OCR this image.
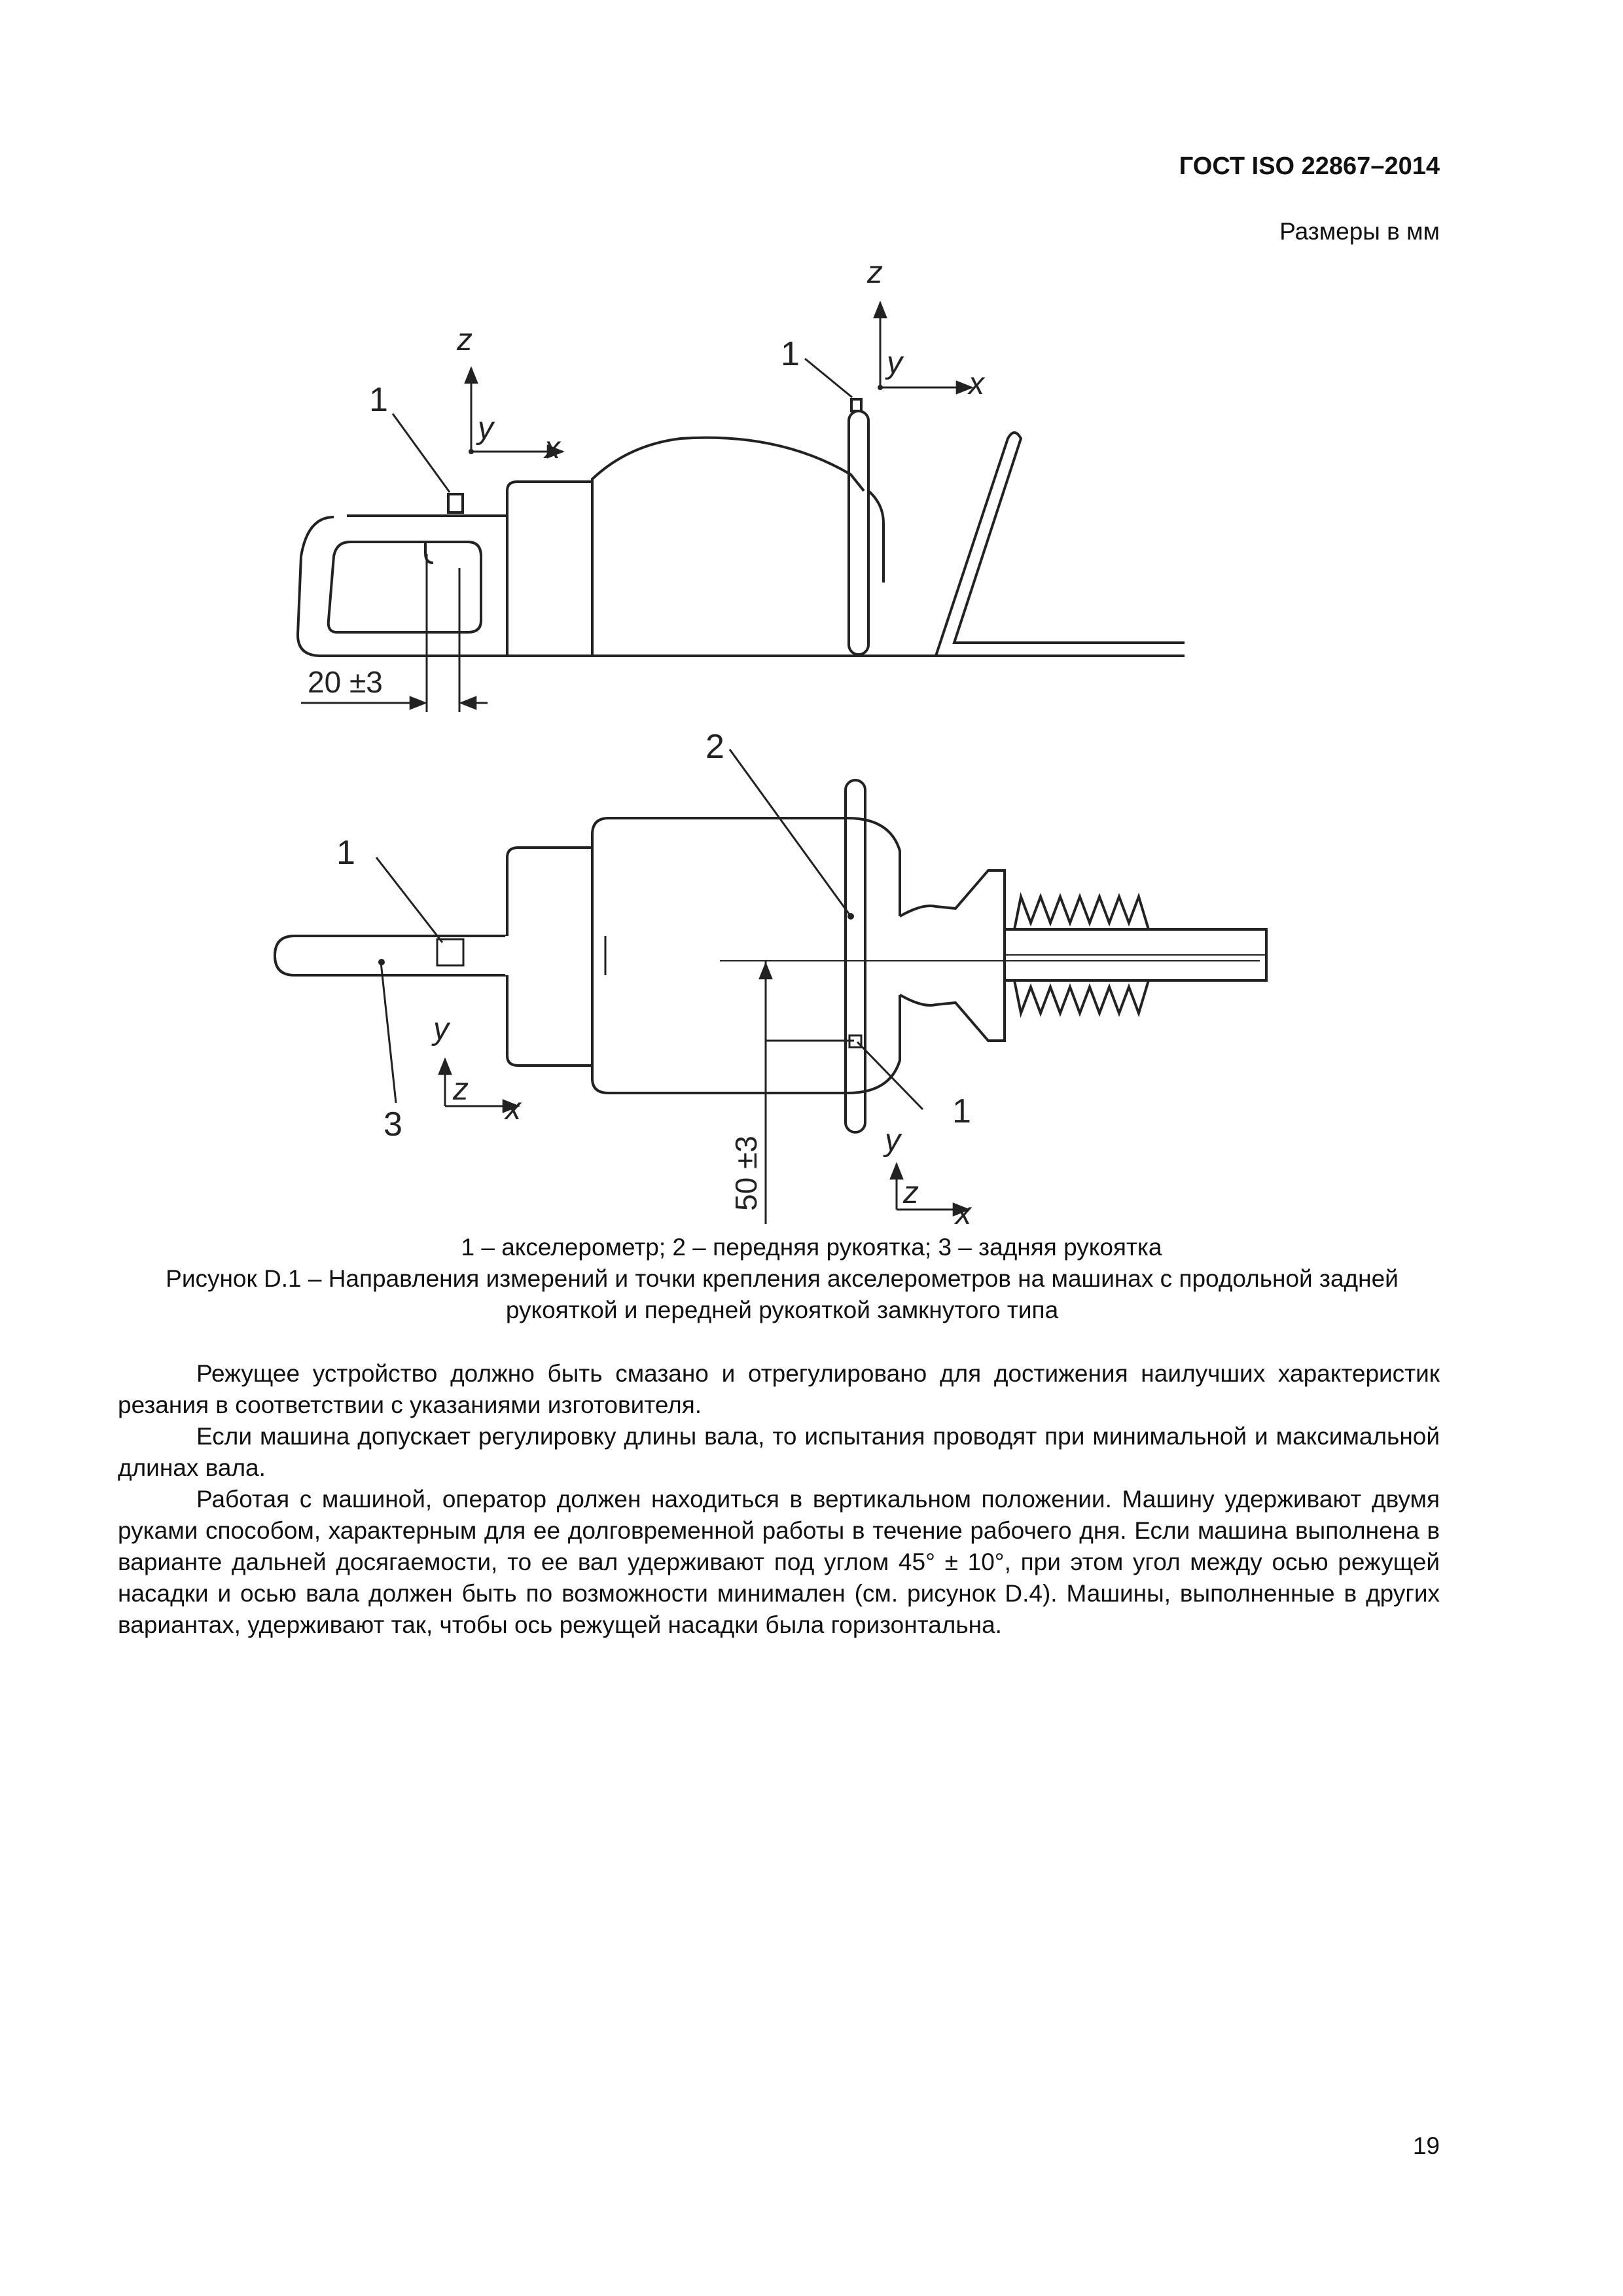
ГОСТ ISO 22867–2014
Размеры в мм
z
y
x
1
z
y
x
1
20 ±3
2
1
1
3
y
z
x
y
z
x
50 ±3
1 – акселерометр; 2 – передняя рукоятка; 3 – задняя рукоятка
Рисунок D.1 – Направления измерений и точки крепления акселерометров на машинах с продольной задней рукояткой и передней рукояткой замкнутого типа
Режущее устройство должно быть смазано и отрегулировано для достижения наилучших характеристик резания в соответствии с указаниями изготовителя.
Если машина допускает регулировку длины вала, то испытания проводят при минимальной и максимальной длинах вала.
Работая с машиной, оператор должен находиться в вертикальном положении. Машину удерживают двумя руками способом, характерным для ее долговременной работы в течение рабочего дня. Если машина выполнена в варианте дальней досягаемости, то ее вал удерживают под углом 45° ± 10°, при этом угол между осью режущей насадки и осью вала должен быть по возможности минимален (см. рисунок D.4). Машины, выполненные в других вариантах, удерживают так, чтобы ось режущей насадки была горизонтальна.
19
